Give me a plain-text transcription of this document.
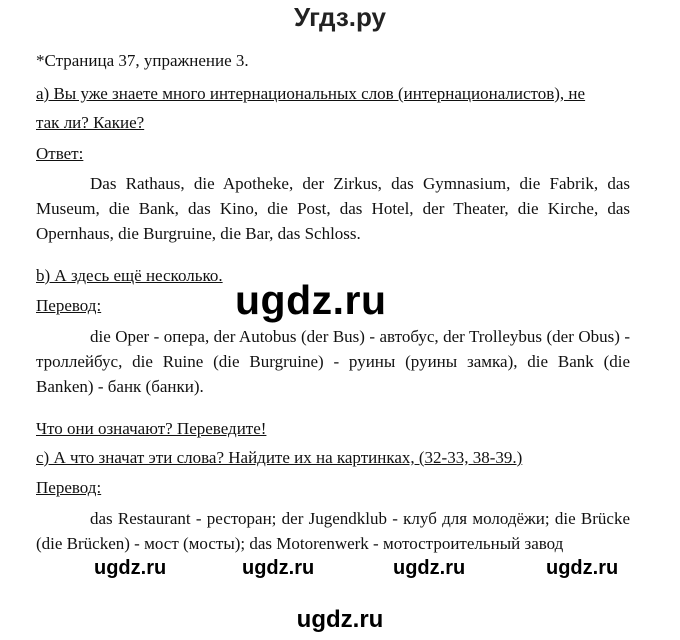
Угдз.ру
*Страница 37, упражнение 3.
а) Вы уже знаете много интернациональных слов (интернационалистов), не
так ли? Какие?
Ответ:
Das Rathaus, die Apotheke, der Zirkus, das Gymnasium, die Fabrik, das Museum, die Bank, das Kino, die Post, das Hotel, der Theater, die Kirche, das Opernhaus, die Burgruine, die Bar, das Schloss.
b) А здесь ещё несколько.
Перевод:
die Oper - опера, der Autobus (der Bus) - автобус, der Trolleybus (der Obus) - троллейбус, die Ruine (die Burgruine) - руины (руины замка), die Bank (die Banken) - банк (банки).
Что они означают? Переведите!
с) А что значат эти слова? Найдите их на картинках, (32-33, 38-39.)
Перевод:
das Restaurant - ресторан; der Jugendklub - клуб для молодёжи; die Brücke (die Brücken) - мост (мосты); das Motorenwerk - мотостроительный завод
ugdz.ru
ugdz.ru	ugdz.ru	ugdz.ru	ugdz.ru
ugdz.ru
